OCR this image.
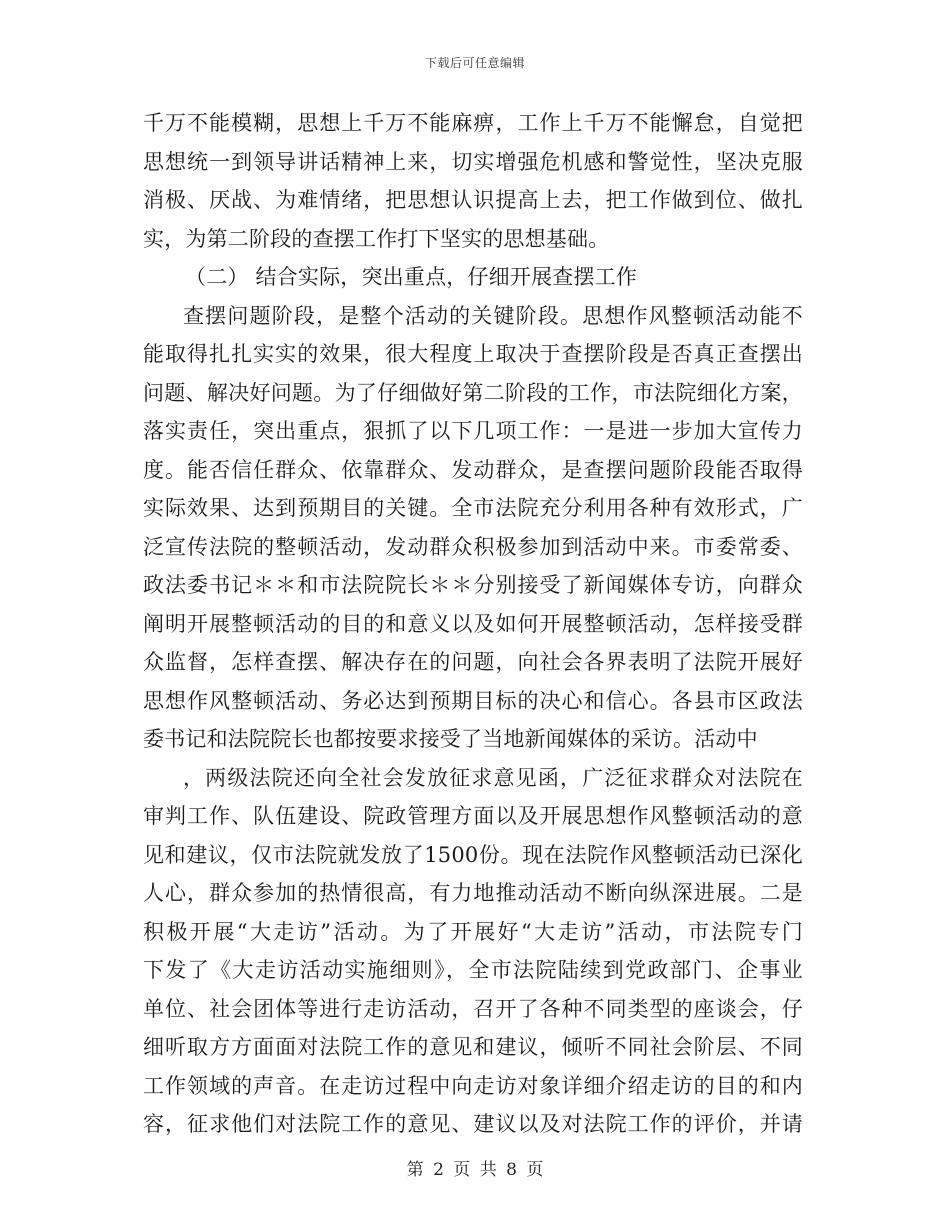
下载后可任意编辑
千万不能模糊，思想上千万不能麻痹，工作上千万不能懈怠，自觉把
思想统一到领导讲话精神上来，切实增强危机感和警觉性，坚决克服
消极、厌战、为难情绪，把思想认识提高上去，把工作做到位、做扎
实，为第二阶段的查摆工作打下坚实的思想基础。
（二） 结合实际，突出重点，仔细开展查摆工作
查摆问题阶段，是整个活动的关键阶段。思想作风整顿活动能不
能取得扎扎实实的效果，很大程度上取决于查摆阶段是否真正查摆出
问题、解决好问题。为了仔细做好第二阶段的工作，市法院细化方案，
落实责任，突出重点，狠抓了以下几项工作：一是进一步加大宣传力
度。能否信任群众、依靠群众、发动群众，是查摆问题阶段能否取得
实际效果、达到预期目的关键。全市法院充分利用各种有效形式，广
泛宣传法院的整顿活动，发动群众积极参加到活动中来。市委常委、
政法委书记＊＊和市法院院长＊＊分别接受了新闻媒体专访，向群众
阐明开展整顿活动的目的和意义以及如何开展整顿活动，怎样接受群
众监督，怎样查摆、解决存在的问题，向社会各界表明了法院开展好
思想作风整顿活动、务必达到预期目标的决心和信心。各县市区政法
委书记和法院院长也都按要求接受了当地新闻媒体的采访。活动中
，两级法院还向全社会发放征求意见函，广泛征求群众对法院在
审判工作、队伍建设、院政管理方面以及开展思想作风整顿活动的意
见和建议，仅市法院就发放了1500份。现在法院作风整顿活动已深化
人心，群众参加的热情很高，有力地推动活动不断向纵深进展。二是
积极开展“大走访”活动。为了开展好“大走访”活动，市法院专门
下发了《大走访活动实施细则》，全市法院陆续到党政部门、企事业
单位、社会团体等进行走访活动，召开了各种不同类型的座谈会，仔
细听取方方面面对法院工作的意见和建议，倾听不同社会阶层、不同
工作领域的声音。在走访过程中向走访对象详细介绍走访的目的和内
容，征求他们对法院工作的意见、建议以及对法院工作的评价，并请
第 2 页 共 8 页
